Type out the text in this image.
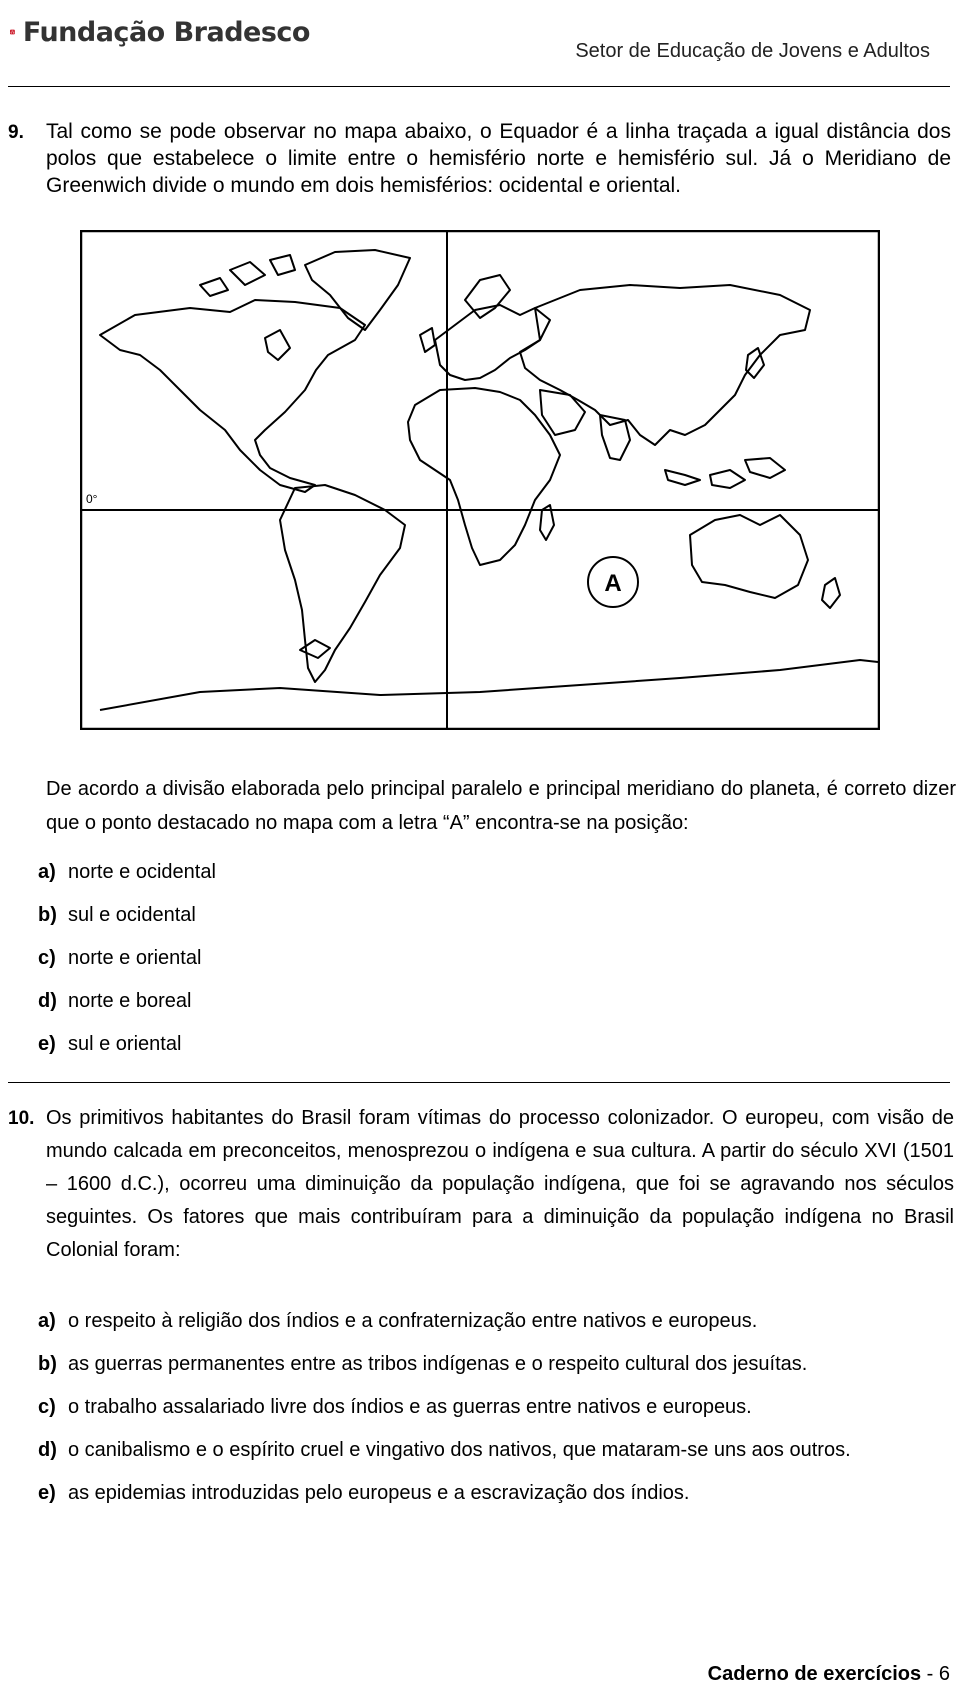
Fundação Bradesco
Setor de Educação de Jovens e Adultos
9. Tal como se pode observar no mapa abaixo, o Equador é a linha traçada a igual distância dos polos que estabelece o limite entre o hemisfério norte e hemisfério sul. Já o Meridiano de Greenwich divide o mundo em dois hemisférios: ocidental e oriental.
0°
A
De acordo a divisão elaborada pelo principal paralelo e principal meridiano do planeta, é correto dizer que o ponto destacado no mapa com a letra “A” encontra-se na posição:
a) norte e ocidental
b) sul e ocidental
c) norte e oriental
d) norte e boreal
e) sul e oriental
10. Os primitivos habitantes do Brasil foram vítimas do processo colonizador. O europeu, com visão de mundo calcada em preconceitos, menosprezou o indígena e sua cultura. A partir do século XVI (1501 – 1600 d.C.), ocorreu uma diminuição da população indígena, que foi se agravando nos séculos seguintes. Os fatores que mais contribuíram para a diminuição da população indígena no Brasil Colonial foram:
a) o respeito à religião dos índios e a confraternização entre nativos e europeus.
b) as guerras permanentes entre as tribos indígenas e o respeito cultural dos jesuítas.
c) o trabalho assalariado livre dos índios e as guerras entre nativos e europeus.
d) o canibalismo e o espírito cruel e vingativo dos nativos, que mataram-se uns aos outros.
e) as epidemias introduzidas pelo europeus e a escravização dos índios.
Caderno de exercícios - 6
